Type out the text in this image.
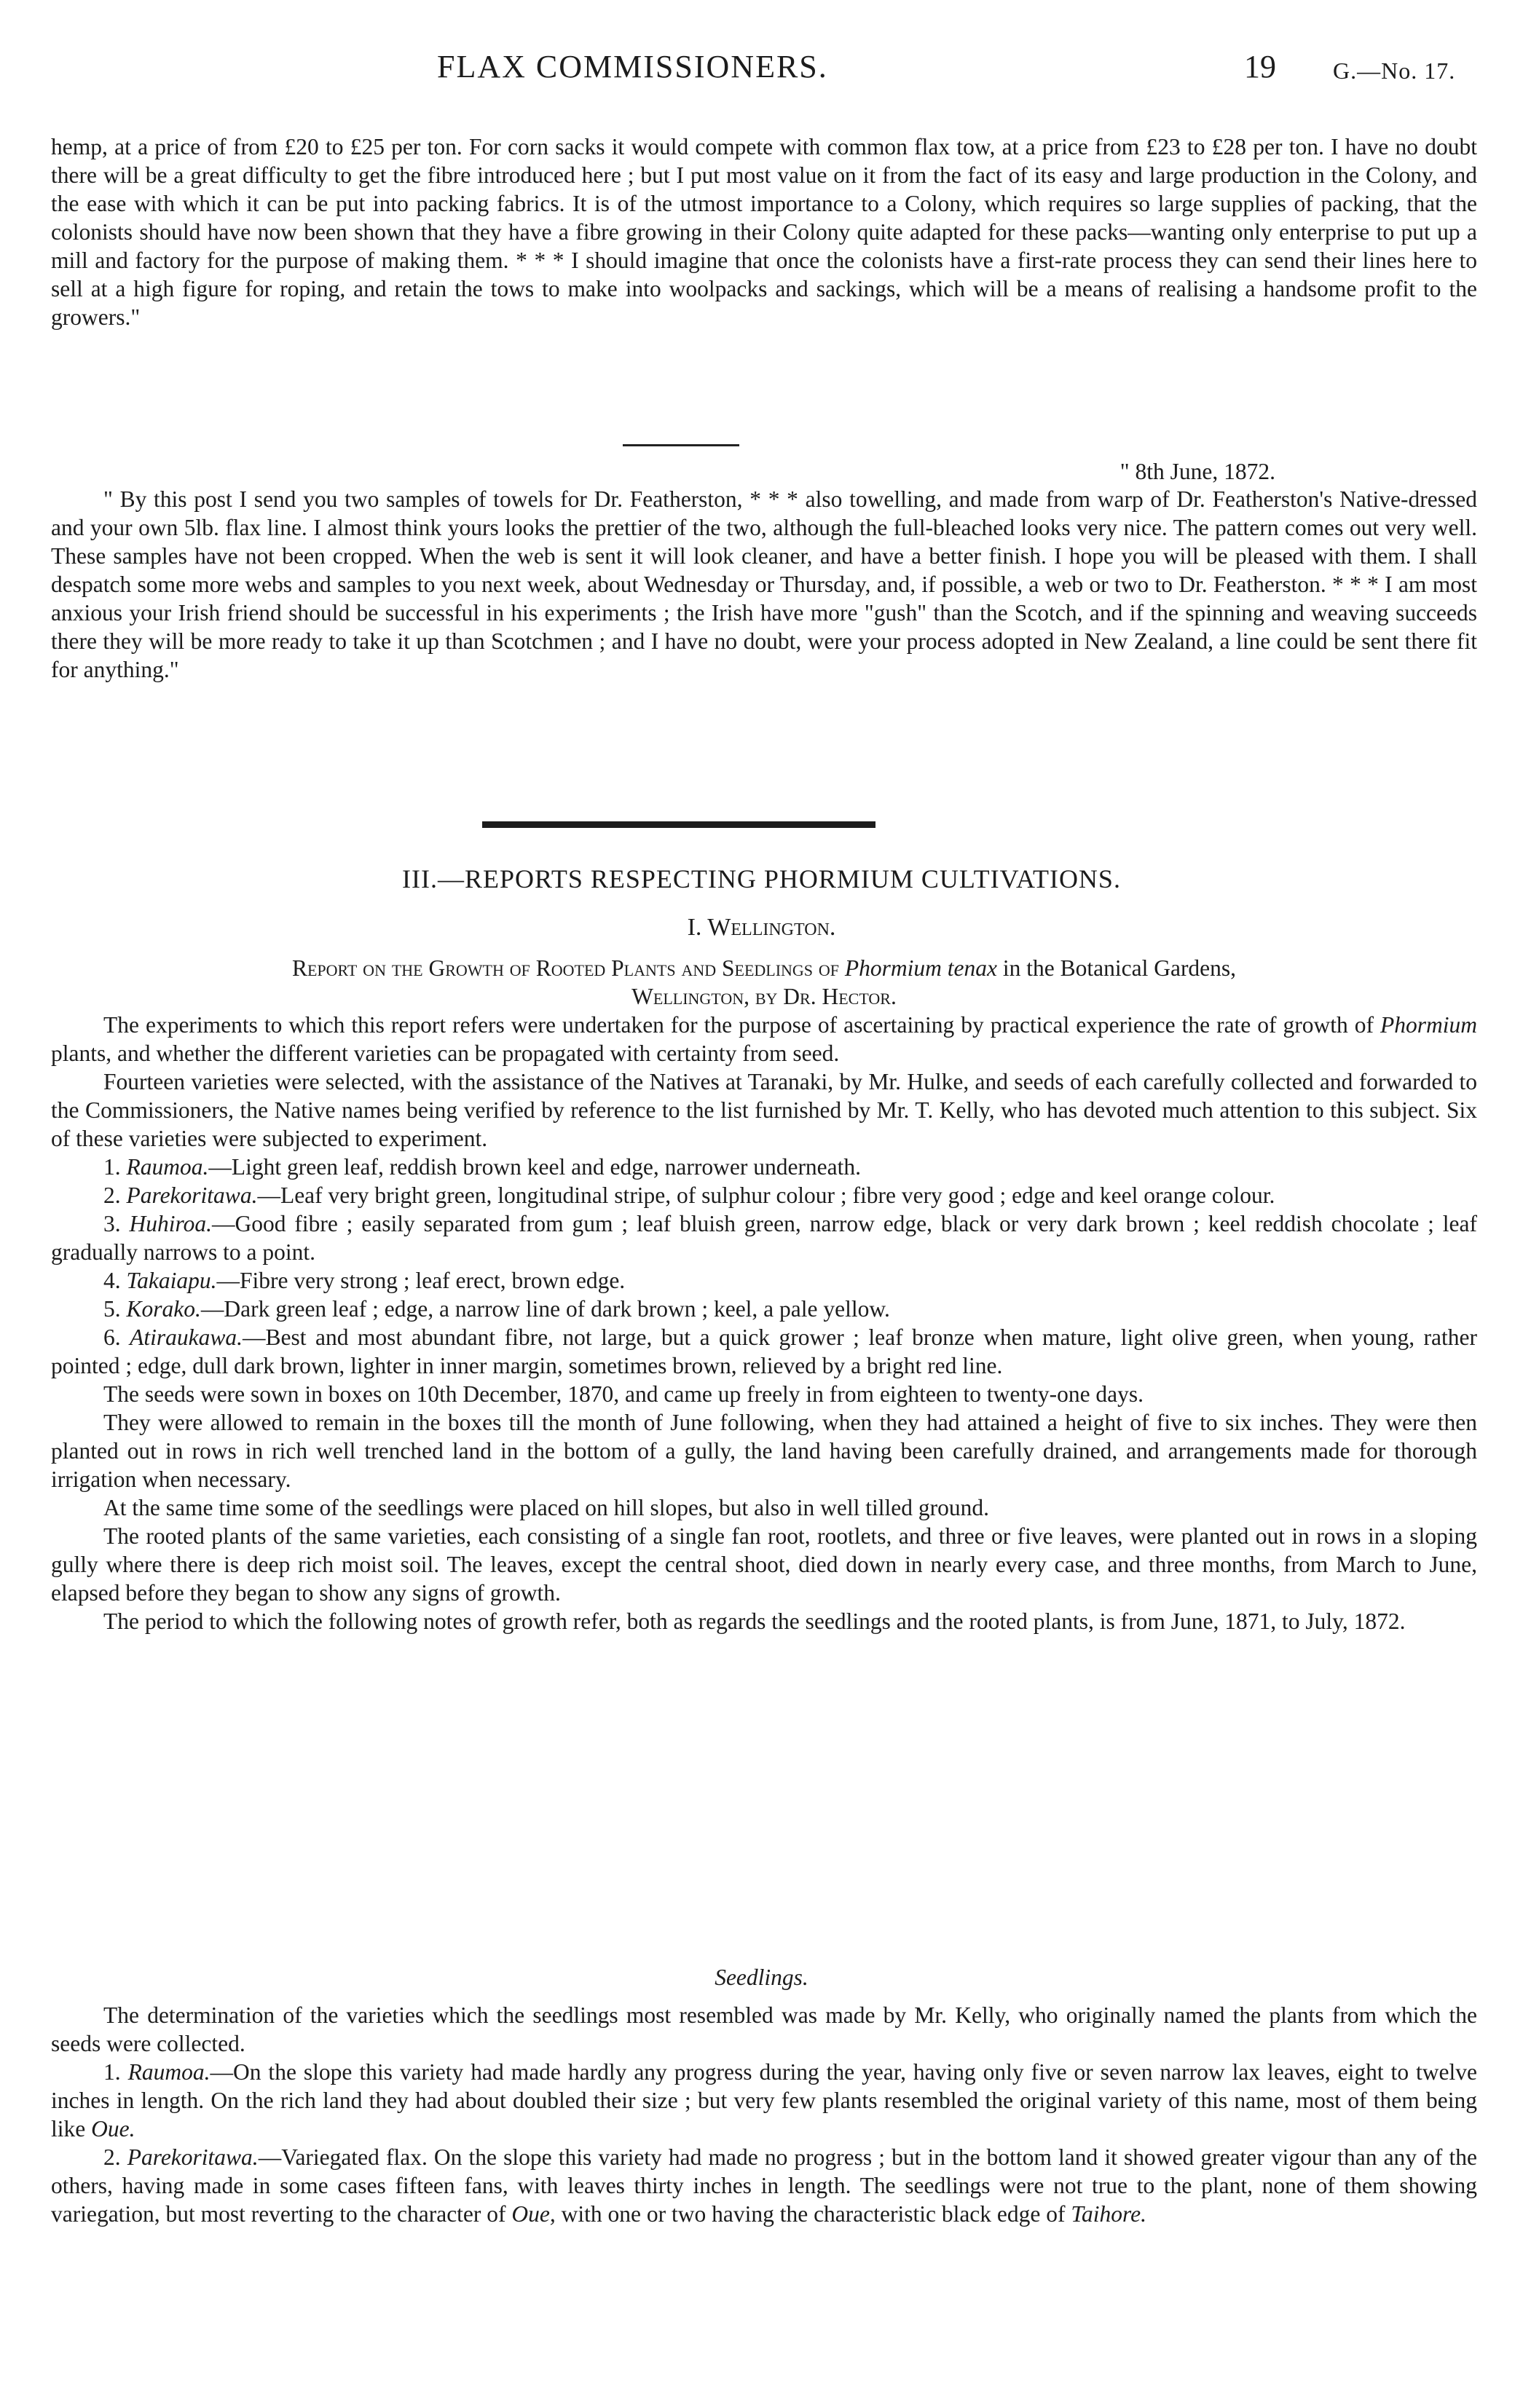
FLAX COMMISSIONERS.	19 G.—No. 17.

hemp, at a price of from £20 to £25 per ton. For corn sacks it would compete with common flax tow, at a price from £23 to £28 per ton. I have no doubt there will be a great difficulty to get the fibre introduced here ; but I put most value on it from the fact of its easy and large production in the Colony, and the ease with which it can be put into packing fabrics. It is of the utmost importance to a Colony, which requires so large supplies of packing, that the colonists should have now been shown that they have a fibre growing in their Colony quite adapted for these packs—wanting only enterprise to put up a mill and factory for the purpose of making them. * * * I should imagine that once the colonists have a first-rate process they can send their lines here to sell at a high figure for roping, and retain the tows to make into woolpacks and sackings, which will be a means of realising a handsome profit to the growers."

" 8th June, 1872.

" By this post I send you two samples of towels for Dr. Featherston, * * * also towelling, and made from warp of Dr. Featherston's Native-dressed and your own 5lb. flax line. I almost think yours looks the prettier of the two, although the full-bleached looks very nice. The pattern comes out very well. These samples have not been cropped. When the web is sent it will look cleaner, and have a better finish. I hope you will be pleased with them. I shall despatch some more webs and samples to you next week, about Wednesday or Thursday, and, if possible, a web or two to Dr. Featherston. * * * I am most anxious your Irish friend should be successful in his experiments ; the Irish have more "gush" than the Scotch, and if the spinning and weaving succeeds there they will be more ready to take it up than Scotchmen ; and I have no doubt, were your process adopted in New Zealand, a line could be sent there fit for anything."

III.—REPORTS RESPECTING PHORMIUM CULTIVATIONS.
I. Wellington.
Report on the Growth of Rooted Plants and Seedlings of Phormium tenax in the Botanical Gardens,
Wellington, by Dr. Hector.

The experiments to which this report refers were undertaken for the purpose of ascertaining by practical experience the rate of growth of Phormium plants, and whether the different varieties can be propagated with certainty from seed.

Fourteen varieties were selected, with the assistance of the Natives at Taranaki, by Mr. Hulke, and seeds of each carefully collected and forwarded to the Commissioners, the Native names being verified by reference to the list furnished by Mr. T. Kelly, who has devoted much attention to this subject. Six of these varieties were subjected to experiment.

1. Raumoa.—Light green leaf, reddish brown keel and edge, narrower underneath.

2. Parekoritawa.—Leaf very bright green, longitudinal stripe, of sulphur colour ; fibre very good ; edge and keel orange colour.

3. Huhiroa.—Good fibre ; easily separated from gum ; leaf bluish green, narrow edge, black or very dark brown ; keel reddish chocolate ; leaf gradually narrows to a point.

4. Takaiapu.—Fibre very strong ; leaf erect, brown edge.

5. Korako.—Dark green leaf ; edge, a narrow line of dark brown ; keel, a pale yellow.

6. Atiraukawa.—Best and most abundant fibre, not large, but a quick grower ; leaf bronze when mature, light olive green, when young, rather pointed ; edge, dull dark brown, lighter in inner margin, sometimes brown, relieved by a bright red line.

The seeds were sown in boxes on 10th December, 1870, and came up freely in from eighteen to twenty-one days.

They were allowed to remain in the boxes till the month of June following, when they had attained a height of five to six inches. They were then planted out in rows in rich well trenched land in the bottom of a gully, the land having been carefully drained, and arrangements made for thorough irrigation when necessary.

At the same time some of the seedlings were placed on hill slopes, but also in well tilled ground.

The rooted plants of the same varieties, each consisting of a single fan root, rootlets, and three or five leaves, were planted out in rows in a sloping gully where there is deep rich moist soil. The leaves, except the central shoot, died down in nearly every case, and three months, from March to June, elapsed before they began to show any signs of growth.

The period to which the following notes of growth refer, both as regards the seedlings and the rooted plants, is from June, 1871, to July, 1872.

Seedlings.

The determination of the varieties which the seedlings most resembled was made by Mr. Kelly, who originally named the plants from which the seeds were collected.

1. Raumoa.—On the slope this variety had made hardly any progress during the year, having only five or seven narrow lax leaves, eight to twelve inches in length. On the rich land they had about doubled their size ; but very few plants resembled the original variety of this name, most of them being like Oue.

2. Parekoritawa.—Variegated flax. On the slope this variety had made no progress ; but in the bottom land it showed greater vigour than any of the others, having made in some cases fifteen fans, with leaves thirty inches in length. The seedlings were not true to the plant, none of them showing variegation, but most reverting to the character of Oue, with one or two having the characteristic black edge of Taihore.
